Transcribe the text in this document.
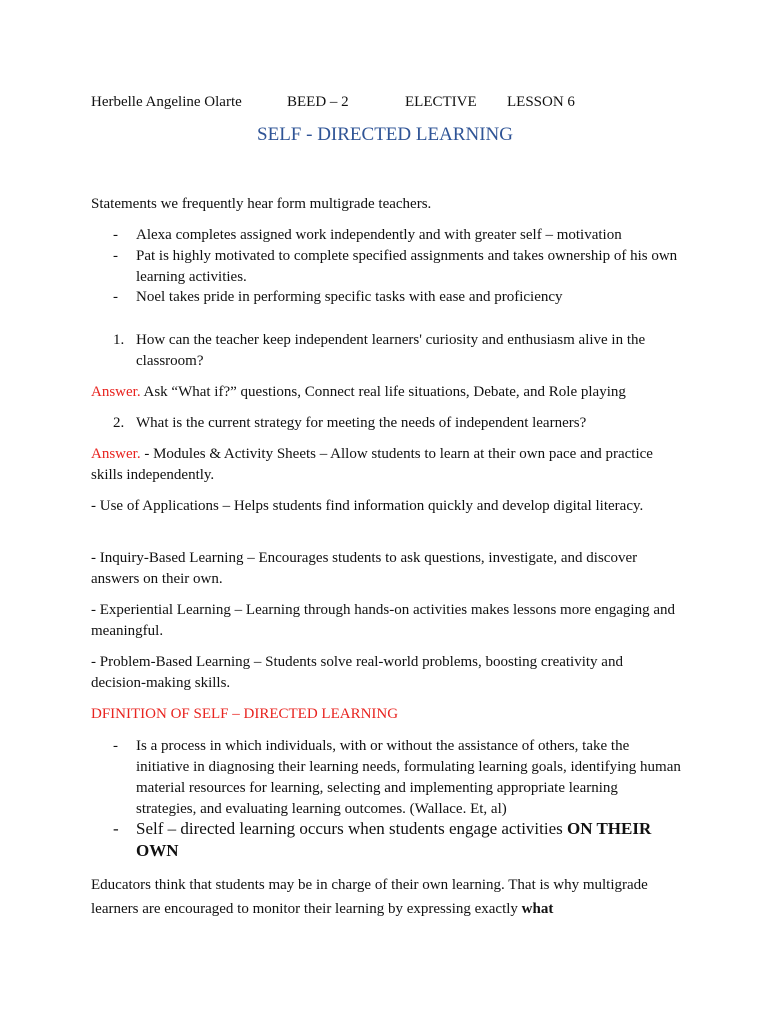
Herbelle Angeline Olarte	BEED – 2	ELECTIVE LESSON 6
SELF - DIRECTED LEARNING
Statements we frequently hear form multigrade teachers.
- Alexa completes assigned work independently and with greater self – motivation
- Pat is highly motivated to complete specified assignments and takes ownership of his own learning activities.
- Noel takes pride in performing specific tasks with ease and proficiency
1. How can the teacher keep independent learners' curiosity and enthusiasm alive in the classroom?
Answer. Ask “What if?” questions, Connect real life situations, Debate, and Role playing
2. What is the current strategy for meeting the needs of independent learners?
Answer. - Modules & Activity Sheets – Allow students to learn at their own pace and practice skills independently.
- Use of Applications – Helps students find information quickly and develop digital literacy.
- Inquiry-Based Learning – Encourages students to ask questions, investigate, and discover answers on their own.
- Experiential Learning – Learning through hands-on activities makes lessons more engaging and meaningful.
- Problem-Based Learning – Students solve real-world problems, boosting creativity and decision-making skills.
DFINITION OF SELF – DIRECTED LEARNING
- Is a process in which individuals, with or without the assistance of others, take the initiative in diagnosing their learning needs, formulating learning goals, identifying human material resources for learning, selecting and implementing appropriate learning strategies, and evaluating learning outcomes. (Wallace. Et, al)
- Self – directed learning occurs when students engage activities ON THEIR OWN
Educators think that students may be in charge of their own learning. That is why multigrade learners are encouraged to monitor their learning by expressing exactly what
